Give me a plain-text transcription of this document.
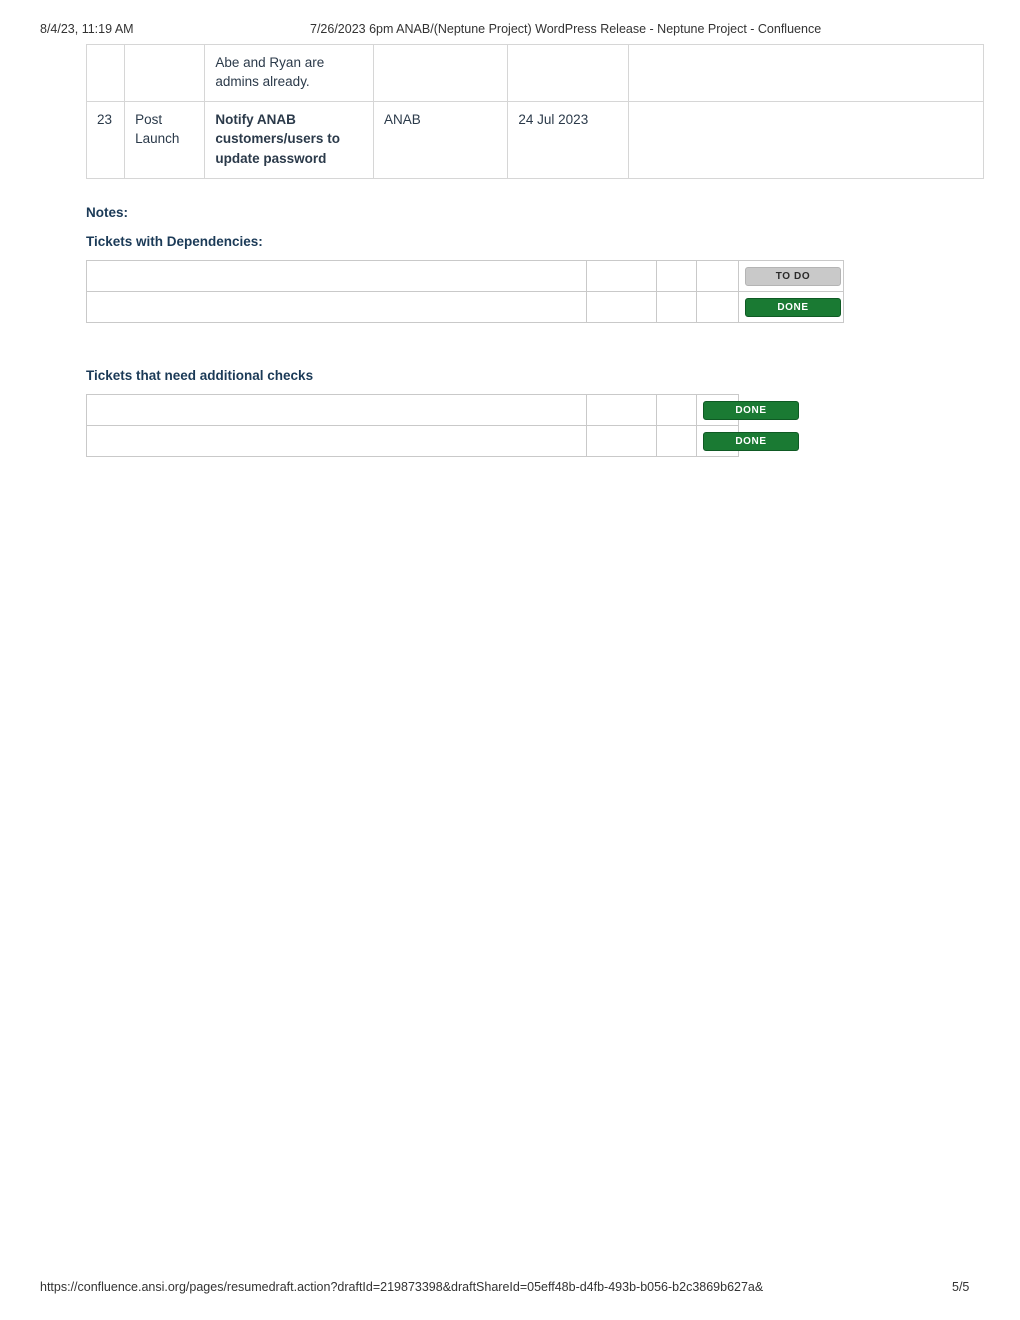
8/4/23, 11:19 AM	7/26/2023 6pm ANAB/(Neptune Project) WordPress Release - Neptune Project - Confluence
		Abe and Ryan are admins already.			
23	Post Launch	Notify ANAB customers/users to update password	ANAB	24 Jul 2023	
Notes:
Tickets with Dependencies:
				TO DO
				DONE
Tickets that need additional checks
			DONE
			DONE
https://confluence.ansi.org/pages/resumedraft.action?draftId=219873398&draftShareId=05eff48b-d4fb-493b-b056-b2c3869b627a&	5/5
